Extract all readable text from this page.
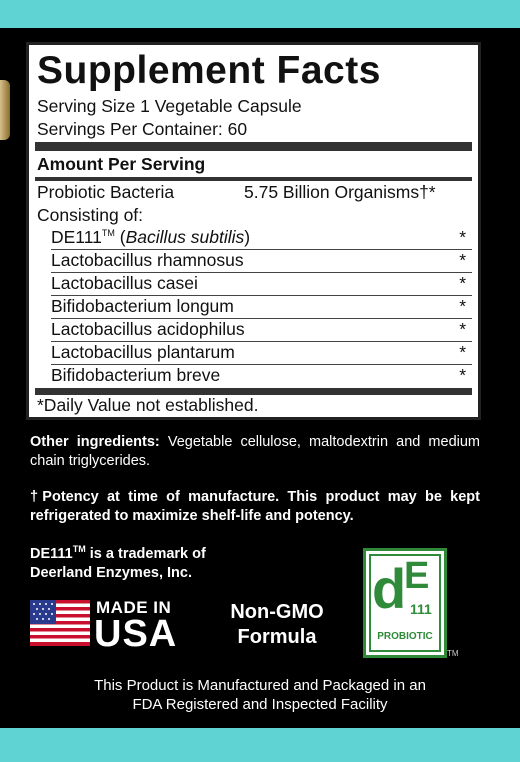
Supplement Facts
Serving Size 1 Vegetable Capsule
Servings Per Container: 60
Amount Per Serving
Probiotic Bacteria	5.75 Billion Organisms†*
Consisting of:
DE111™ (Bacillus subtilis)	*
Lactobacillus rhamnosus	*
Lactobacillus casei	*
Bifidobacterium longum	*
Lactobacillus acidophilus	*
Lactobacillus plantarum	*
Bifidobacterium breve	*
*Daily Value not established.
Other ingredients: Vegetable cellulose, maltodextrin and medium chain triglycerides.
†Potency at time of manufacture. This product may be kept refrigerated to maximize shelf-life and potency.
DE111™ is a trademark of
Deerland Enzymes, Inc.
MADE IN
USA
Non-GMO
Formula
d
E
111
PROBIOTIC
TM
This Product is Manufactured and Packaged in an
FDA Registered and Inspected Facility
